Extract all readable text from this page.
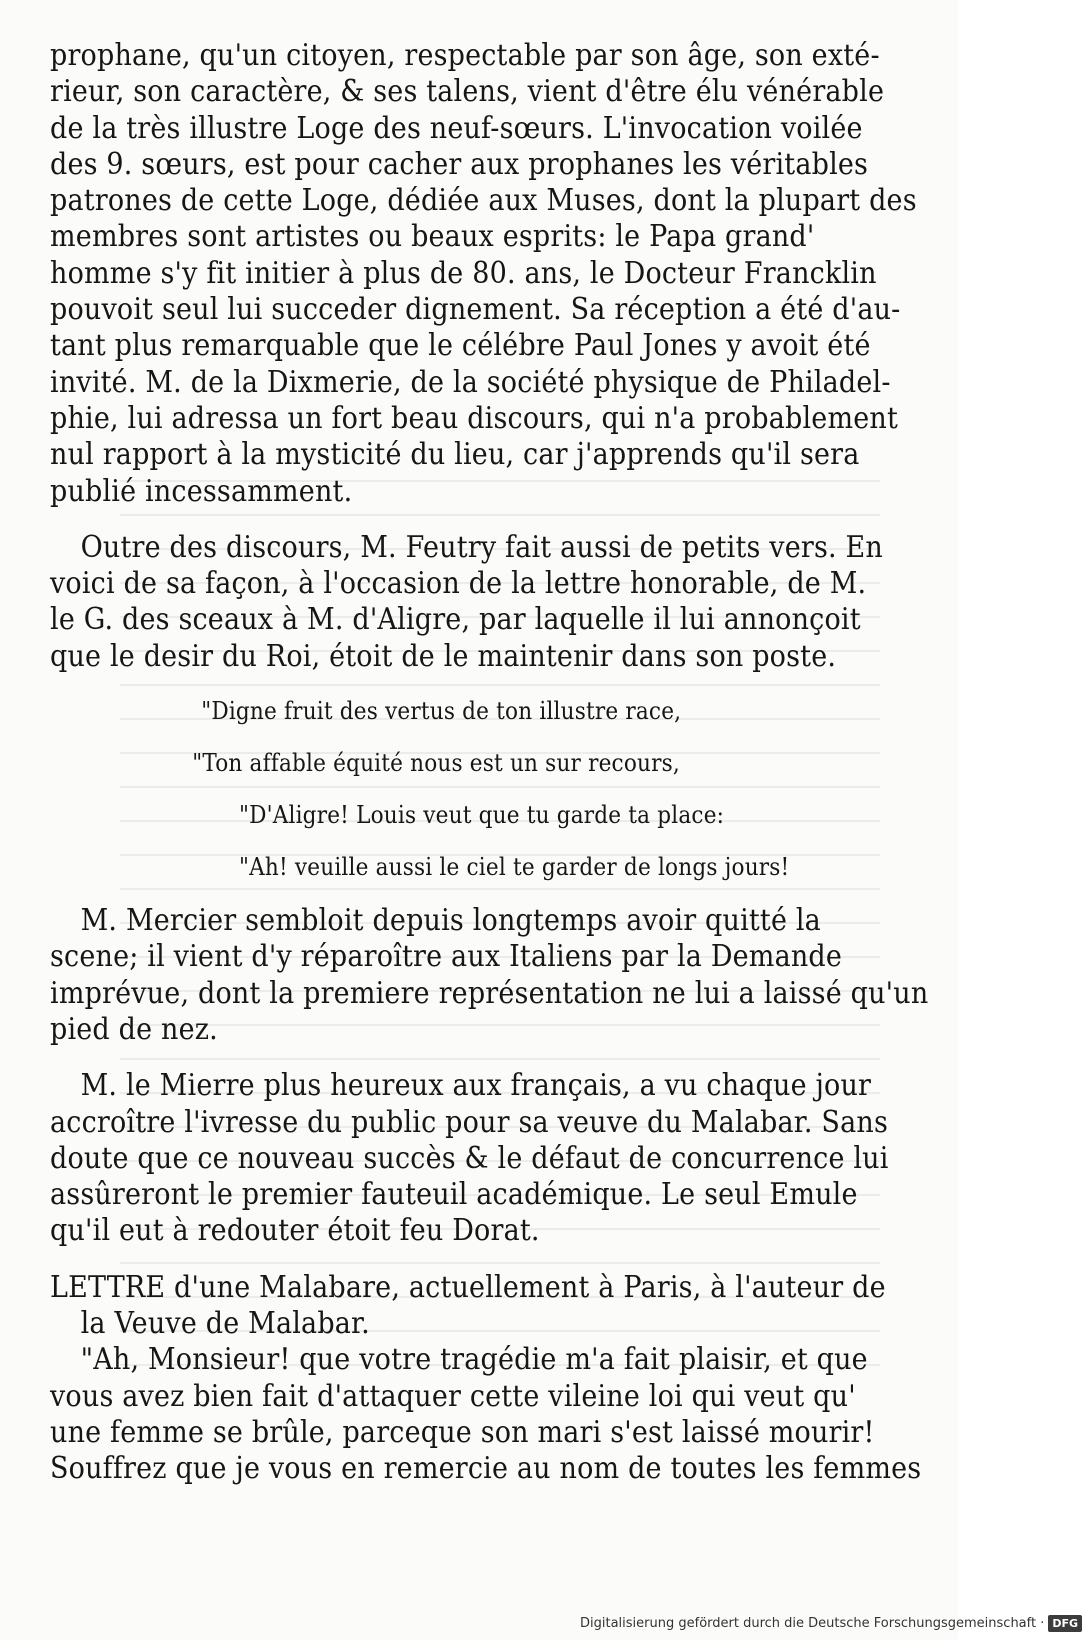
prophane, qu'un citoyen, respectable par son âge, son exté-
rieur, son caractère, & ses talens, vient d'être élu vénérable
de la très illustre Loge des neuf-sœurs. L'invocation voilée
des 9. sœurs, est pour cacher aux prophanes les véritables
patrones de cette Loge, dédiée aux Muses, dont la plupart des
membres sont artistes ou beaux esprits: le Papa grand'
homme s'y fit initier à plus de 80. ans, le Docteur Francklin
pouvoit seul lui succeder dignement. Sa réception a été d'au-
tant plus remarquable que le célébre Paul Jones y avoit été
invité. M. de la Dixmerie, de la société physique de Philadel-
phie, lui adressa un fort beau discours, qui n'a probablement
nul rapport à la mysticité du lieu, car j'apprends qu'il sera
publié incessamment.
Outre des discours, M. Feutry fait aussi de petits vers. En
voici de sa façon, à l'occasion de la lettre honorable, de M.
le G. des sceaux à M. d'Aligre, par laquelle il lui annonçoit
que le desir du Roi, étoit de le maintenir dans son poste.
"Digne fruit des vertus de ton illustre race,
"Ton affable équité nous est un sur recours,
"D'Aligre! Louis veut que tu garde ta place:
"Ah! veuille aussi le ciel te garder de longs jours!
M. Mercier sembloit depuis longtemps avoir quitté la
scene; il vient d'y réparoître aux Italiens par la Demande
imprévue, dont la premiere représentation ne lui a laissé qu'un
pied de nez.
M. le Mierre plus heureux aux français, a vu chaque jour
accroître l'ivresse du public pour sa veuve du Malabar. Sans
doute que ce nouveau succès & le défaut de concurrence lui
assûreront le premier fauteuil académique. Le seul Emule
qu'il eut à redouter étoit feu Dorat.
LETTRE d'une Malabare, actuellement à Paris, à l'auteur de
la Veuve de Malabar.
"Ah, Monsieur! que votre tragédie m'a fait plaisir, et que
vous avez bien fait d'attaquer cette vileine loi qui veut qu'
une femme se brûle, parceque son mari s'est laissé mourir!
Souffrez que je vous en remercie au nom de toutes les femmes
Digitalisierung gefördert durch die Deutsche Forschungsgemeinschaft · DFG
